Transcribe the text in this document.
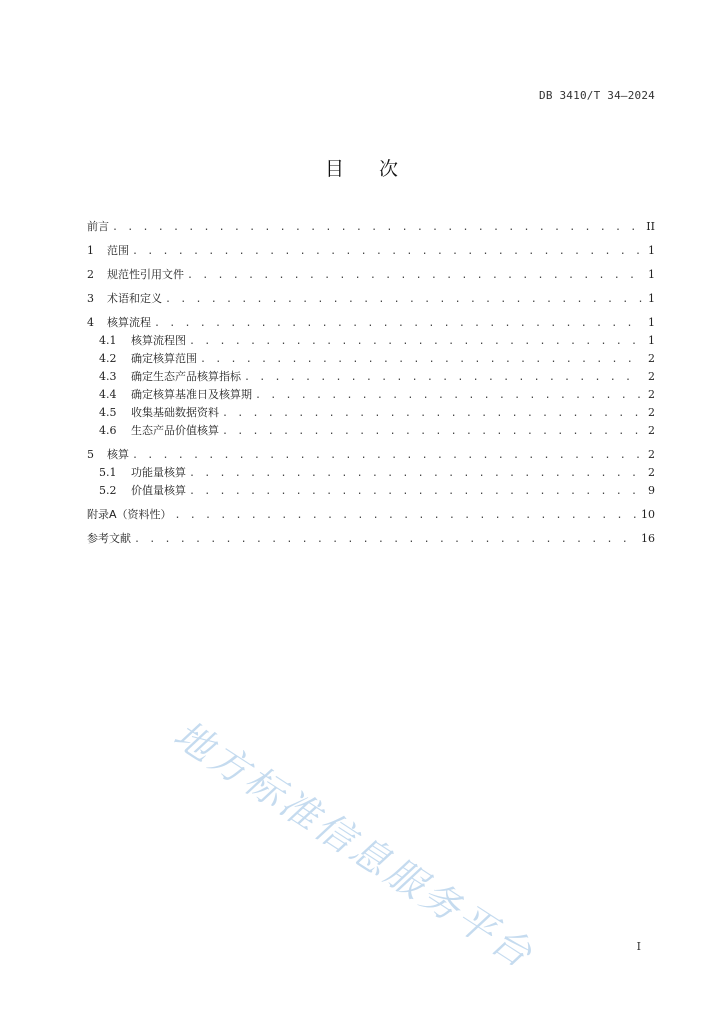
DB 3410/T 34—2024
目 次
前言 . . .	II
1	范围 . . .	1
2	规范性引用文件 . . .	1
3	术语和定义 . . .	1
4	核算流程 . . .	1
4.1	核算流程图 . . .	1
4.2	确定核算范围 . . .	2
4.3	确定生态产品核算指标 . . .	2
4.4	确定核算基准日及核算期 . . .	2
4.5	收集基础数据资料 . . .	2
4.6	生态产品价值核算 . . .	2
5	核算 . . .	2
5.1	功能量核算 . . .	2
5.2	价值量核算 . . .	9
附录A（资料性） . . .	10
参考文献 . . .	16
地方标准信息服务平台	I
